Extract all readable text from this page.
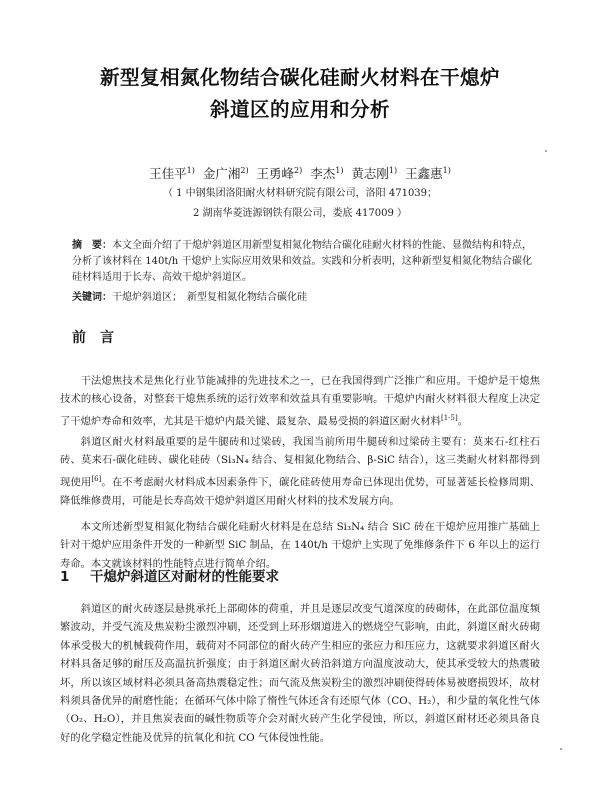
新型复相氮化物结合碳化硅耐火材料在干熄炉
斜道区的应用和分析
王佳平$^{1)}$ 金广湘$^{2)}$ 王勇峰$^{2)}$ 李杰$^{1)}$ 黄志刚$^{1)}$ 王鑫惠$^{1)}$
（ 1 中钢集团洛阳耐火材料研究院有限公司，洛阳 471039；
2 湖南华菱涟源钢铁有限公司，娄底 417009 ）
摘　要：本文全面介绍了干熄炉斜道区用新型复相氮化物结合碳化硅耐火材料的性能、显微结构和特点，分析了该材料在 140t/h 干熄炉上实际应用效果和效益。实践和分析表明，这种新型复相氮化物结合碳化硅材料适用于长寿、高效干熄炉斜道区。
关键词：干熄炉斜道区；　新型复相氮化物结合碳化硅
前言
干法熄焦技术是焦化行业节能减排的先进技术之一，已在我国得到广泛推广和应用。干熄炉是干熄焦技术的核心设备，对整套干熄焦系统的运行效率和效益具有重要影响。干熄炉内耐火材料很大程度上决定了干熄炉寿命和效率，尤其是干熄炉内最关键、最复杂、最易受损的斜道区耐火材料[1-5]。
斜道区耐火材料最重要的是牛腿砖和过梁砖，我国当前所用牛腿砖和过梁砖主要有：莫来石-红柱石砖、莫来石-碳化硅砖、碳化硅砖（Si₃N₄ 结合、复相氮化物结合、β-SiC 结合），这三类耐火材料都得到现使用[6]。在不考虑耐火材料成本因素条件下，碳化硅砖使用寿命已体现出优势，可显著延长检修周期、降低维修费用，可能是长寿高效干熄炉斜道区用耐火材料的技术发展方向。
本文所述新型复相氮化物结合碳化硅耐火材料是在总结 Si₃N₄ 结合 SiC 砖在干熄炉应用推广基础上针对干熄炉应用条件开发的一种新型 SiC 制品，在 140t/h 干熄炉上实现了免维修条件下 6 年以上的运行寿命。本文就该材料的性能特点进行简单介绍。
1 干熄炉斜道区对耐材的性能要求
斜道区的耐火砖逐层悬挑承托上部砌体的荷重，并且是逐层改变气道深度的砖砌体，在此部位温度频繁波动，并受气流及焦炭粉尘激烈冲刷，还受到上环形烟道进入的燃烧空气影响，由此，斜道区耐火砖砌体承受极大的机械载荷作用，载荷对不同部位的耐火砖产生相应的张应力和压应力，这就要求斜道区耐火材料具备足够的耐压及高温抗折强度；由于斜道区耐火砖沿斜道方向温度波动大，使其承受较大的热震破坏，所以该区域材料必须具备高热震稳定性；而气流及焦炭粉尘的激烈冲刷使得砖体易被磨损毁坏，故材料须具备优异的耐磨性能；在循环气体中除了惰性气体还含有还原气体（CO、H₂），和少量的氧化性气体（O₂、H₂O），并且焦炭表面的碱性物质等介会对耐火砖产生化学侵蚀，所以，斜道区耐材还必须具备良好的化学稳定性能及优异的抗氧化和抗 CO 气体侵蚀性能。
